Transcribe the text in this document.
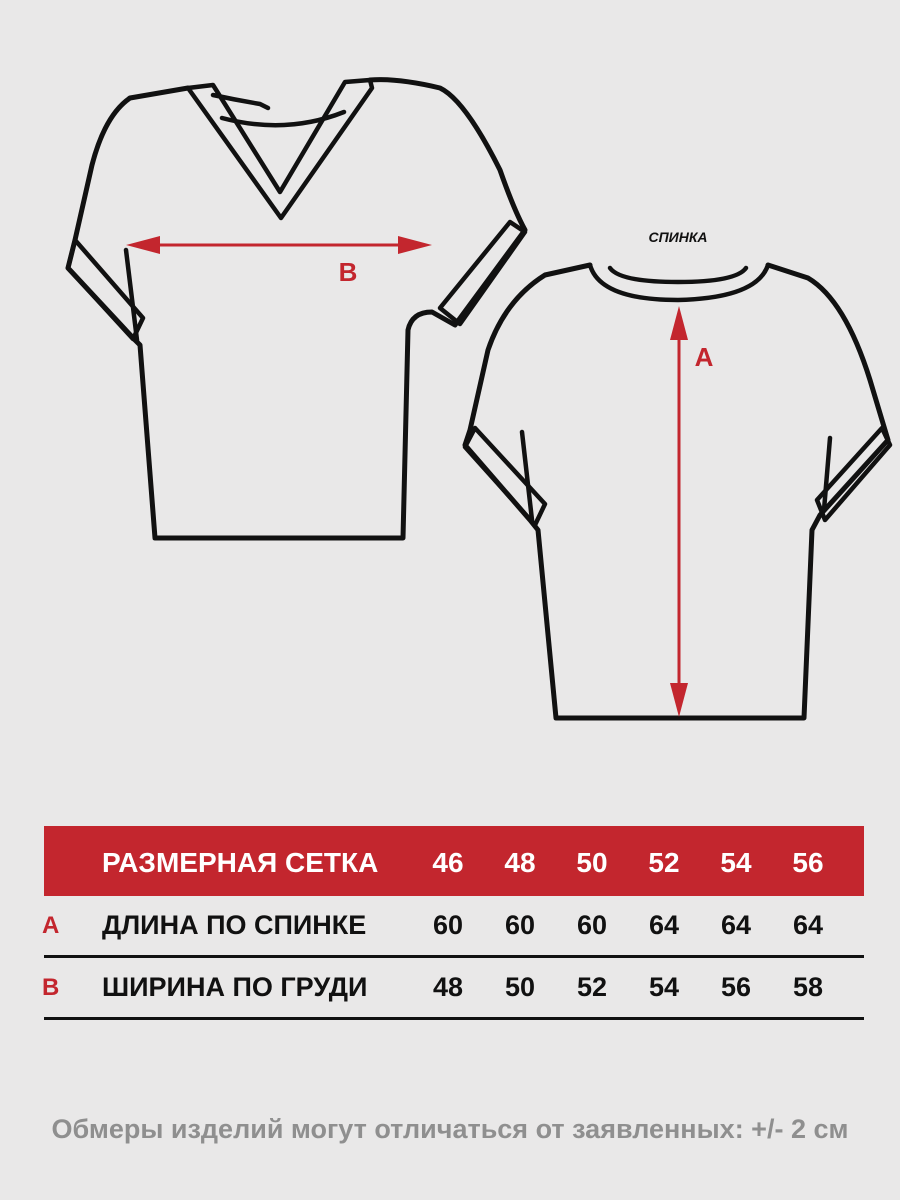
B
СПИНКА
A
РАЗМЕРНАЯ СЕТКА	46	48	50	52	54	56
A ДЛИНА ПО СПИНКЕ	60	60	60	64	64	64
B ШИРИНА ПО ГРУДИ	48	50	52	54	56	58
Обмеры изделий могут отличаться от заявленных: +/- 2 см
